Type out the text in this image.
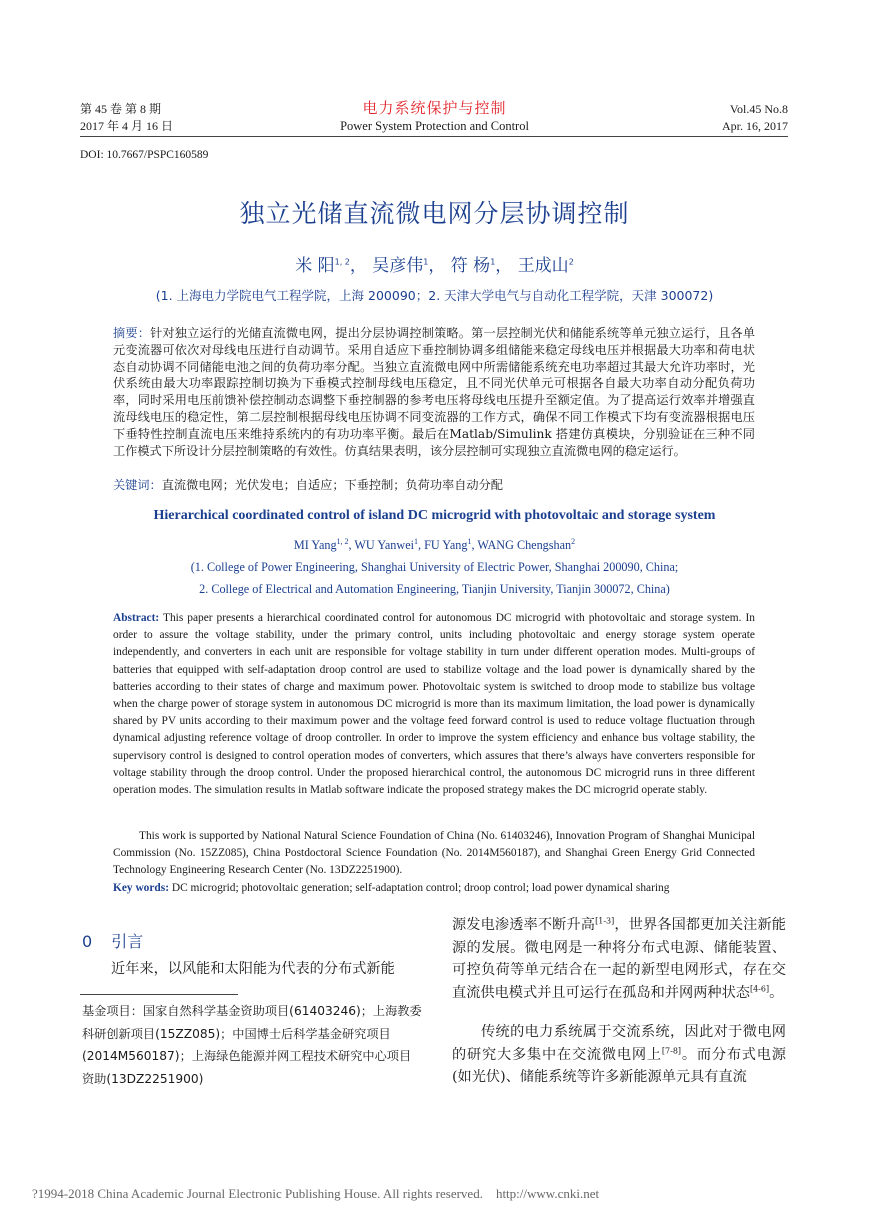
第 45 卷 第 8 期
2017 年 4 月 16 日
电力系统保护与控制
Power System Protection and Control
Vol.45 No.8
Apr. 16, 2017
DOI: 10.7667/PSPC160589
独立光储直流微电网分层协调控制
米 阳$^{1, 2}$， 吴彦伟$^1$， 符 杨$^1$， 王成山$^2$
(1. 上海电力学院电气工程学院，上海 200090；2. 天津大学电气与自动化工程学院，天津 300072)
摘要：针对独立运行的光储直流微电网，提出分层协调控制策略。第一层控制光伏和储能系统等单元独立运行，且各单元变流器可依次对母线电压进行自动调节。采用自适应下垂控制协调多组储能来稳定母线电压并根据最大功率和荷电状态自动协调不同储能电池之间的负荷功率分配。当独立直流微电网中所需储能系统充电功率超过其最大允许功率时，光伏系统由最大功率跟踪控制切换为下垂模式控制母线电压稳定，且不同光伏单元可根据各自最大功率自动分配负荷功率，同时采用电压前馈补偿控制动态调整下垂控制器的参考电压将母线电压提升至额定值。为了提高运行效率并增强直流母线电压的稳定性，第二层控制根据母线电压协调不同变流器的工作方式，确保不同工作模式下均有变流器根据电压下垂特性控制直流电压来维持系统内的有功功率平衡。最后在Matlab/Simulink 搭建仿真模块，分别验证在三种不同工作模式下所设计分层控制策略的有效性。仿真结果表明，该分层控制可实现独立直流微电网的稳定运行。
关键词：直流微电网；光伏发电；自适应；下垂控制；负荷功率自动分配
Hierarchical coordinated control of island DC microgrid with photovoltaic and storage system
MI Yang$^{1, 2}$, WU Yanwei$^1$, FU Yang$^1$, WANG Chengshan$^2$
(1. College of Power Engineering, Shanghai University of Electric Power, Shanghai 200090, China;
2. College of Electrical and Automation Engineering, Tianjin University, Tianjin 300072, China)
Abstract: This paper presents a hierarchical coordinated control for autonomous DC microgrid with photovoltaic and storage system. In order to assure the voltage stability, under the primary control, units including photovoltaic and energy storage system operate independently, and converters in each unit are responsible for voltage stability in turn under different operation modes. Multi-groups of batteries that equipped with self-adaptation droop control are used to stabilize voltage and the load power is dynamically shared by the batteries according to their states of charge and maximum power. Photovoltaic system is switched to droop mode to stabilize bus voltage when the charge power of storage system in autonomous DC microgrid is more than its maximum limitation, the load power is dynamically shared by PV units according to their maximum power and the voltage feed forward control is used to reduce voltage fluctuation through dynamical adjusting reference voltage of droop controller. In order to improve the system efficiency and enhance bus voltage stability, the supervisory control is designed to control operation modes of converters, which assures that there’s always have converters responsible for voltage stability through the droop control. Under the proposed hierarchical control, the autonomous DC microgrid runs in three different operation modes. The simulation results in Matlab software indicate the proposed strategy makes the DC microgrid operate stably.
This work is supported by National Natural Science Foundation of China (No. 61403246), Innovation Program of Shanghai Municipal Commission (No. 15ZZ085), China Postdoctoral Science Foundation (No. 2014M560187), and Shanghai Green Energy Grid Connected Technology Engineering Research Center (No. 13DZ2251900).
Key words: DC microgrid; photovoltaic generation; self-adaptation control; droop control; load power dynamical sharing
0 引言
近年来，以风能和太阳能为代表的分布式新能
基金项目：国家自然科学基金资助项目(61403246)；上海教委科研创新项目(15ZZ085)；中国博士后科学基金研究项目(2014M560187)；上海绿色能源并网工程技术研究中心项目资助(13DZ2251900)
源发电渗透率不断升高[1-3]，世界各国都更加关注新能源的发展。微电网是一种将分布式电源、储能装置、可控负荷等单元结合在一起的新型电网形式，存在交直流供电模式并且可运行在孤岛和并网两种状态[4-6]。
传统的电力系统属于交流系统，因此对于微电网的研究大多集中在交流微电网上[7-8]。而分布式电源(如光伏)、储能系统等许多新能源单元具有直流
?1994-2018 China Academic Journal Electronic Publishing House. All rights reserved.    http://www.cnki.net
